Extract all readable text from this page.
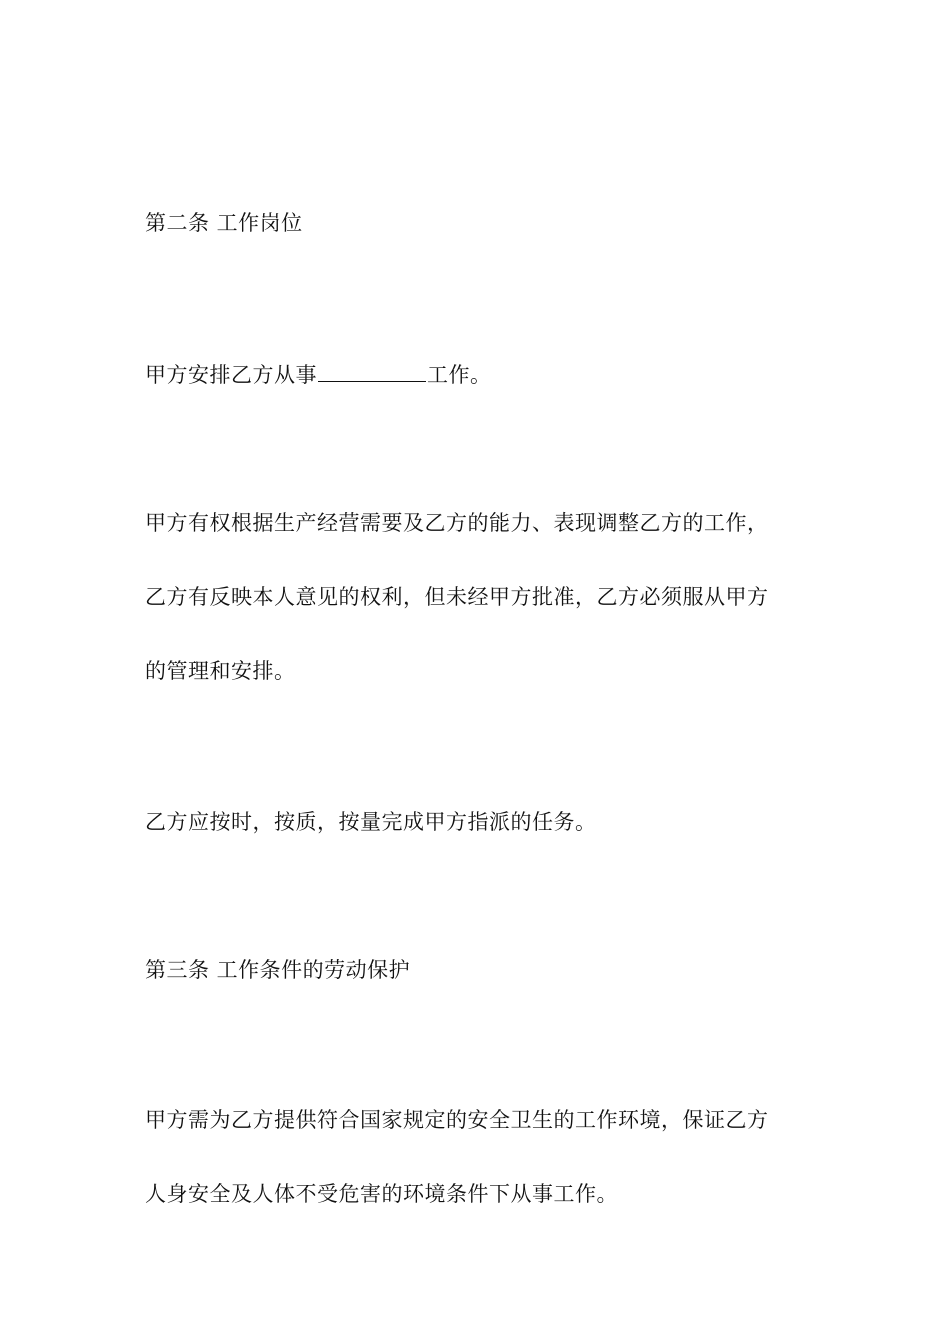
第二条 工作岗位
甲方安排乙方从事	工作。
甲方有权根据生产经营需要及乙方的能力、表现调整乙方的工作，
乙方有反映本人意见的权利，但未经甲方批准，乙方必须服从甲方
的管理和安排。
乙方应按时，按质，按量完成甲方指派的任务。
第三条 工作条件的劳动保护
甲方需为乙方提供符合国家规定的安全卫生的工作环境，保证乙方
人身安全及人体不受危害的环境条件下从事工作。
